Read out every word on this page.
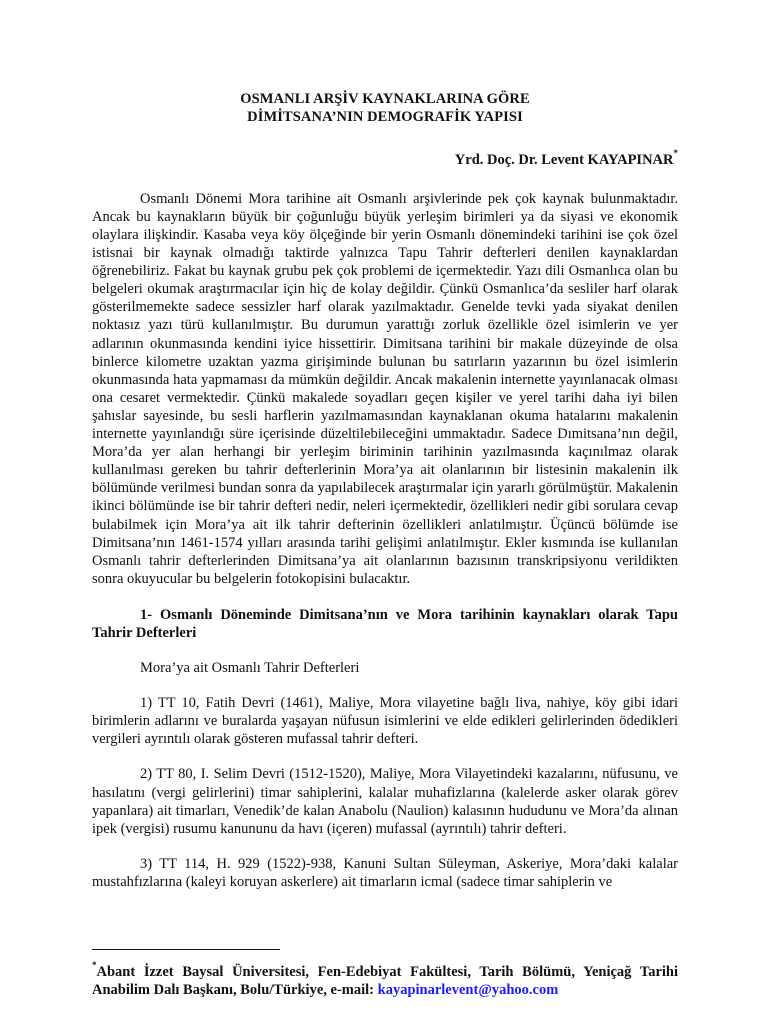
OSMANLI ARŞİV KAYNAKLARINA GÖRE

DİMİTSANA’NIN DEMOGRAFİK YAPISI

Yrd. Doç. Dr. Levent KAYAPINAR*

Osmanlı Dönemi Mora tarihine ait Osmanlı arşivlerinde pek çok kaynak bulunmaktadır. Ancak bu kaynakların büyük bir çoğunluğu büyük yerleşim birimleri ya da siyasi ve ekonomik olaylara ilişkindir. Kasaba veya köy ölçeğinde bir yerin Osmanlı dönemindeki tarihini ise çok özel istisnai bir kaynak olmadığı taktirde yalnızca Tapu Tahrir defterleri denilen kaynaklardan öğrenebiliriz. Fakat bu kaynak grubu pek çok problemi de içermektedir. Yazı dili Osmanlıca olan bu belgeleri okumak araştırmacılar için hiç de kolay değildir. Çünkü Osmanlıca’da sesliler harf olarak gösterilmemekte sadece sessizler harf olarak yazılmaktadır. Genelde tevki yada siyakat denilen noktasız yazı türü kullanılmıştır. Bu durumun yarattığı zorluk özellikle özel isimlerin ve yer adlarının okunmasında kendini iyice hissettirir. Dimitsana tarihini bir makale düzeyinde de olsa binlerce kilometre uzaktan yazma girişiminde bulunan bu satırların yazarının bu özel isimlerin okunmasında hata yapmaması da mümkün değildir. Ancak makalenin internette yayınlanacak olması ona cesaret vermektedir. Çünkü makalede soyadları geçen kişiler ve yerel tarihi daha iyi bilen şahıslar sayesinde, bu sesli harflerin yazılmamasından kaynaklanan okuma hatalarını makalenin internette yayınlandığı süre içerisinde düzeltilebileceğini ummaktadır. Sadece Dımitsana’nın değil, Mora’da yer alan herhangi bir yerleşim biriminin tarihinin yazılmasında kaçınılmaz olarak kullanılması gereken bu tahrir defterlerinin Mora’ya ait olanlarının bir listesinin makalenin ilk bölümünde verilmesi bundan sonra da yapılabilecek araştırmalar için yararlı görülmüştür. Makalenin ikinci bölümünde ise bir tahrir defteri nedir, neleri içermektedir, özellikleri nedir gibi sorulara cevap bulabilmek için Mora’ya ait ilk tahrir defterinin özellikleri anlatılmıştır. Üçüncü bölümde ise Dimitsana’nın 1461-1574 yılları arasında tarihi gelişimi anlatılmıştır. Ekler kısmında ise kullanılan Osmanlı tahrir defterlerinden Dimitsana’ya ait olanlarının bazısının transkripsiyonu verildikten sonra okuyucular bu belgelerin fotokopisini bulacaktır.

1- Osmanlı Döneminde Dimitsana’nın ve Mora tarihinin kaynakları olarak Tapu Tahrir Defterleri

Mora’ya ait Osmanlı Tahrir Defterleri

1) TT 10, Fatih Devri (1461), Maliye, Mora vilayetine bağlı liva, nahiye, köy gibi idari birimlerin adlarını ve buralarda yaşayan nüfusun isimlerini ve elde edikleri gelirlerinden ödedikleri vergileri ayrıntılı olarak gösteren mufassal tahrir defteri.

2) TT 80, I. Selim Devri (1512-1520), Maliye, Mora Vilayetindeki kazalarını, nüfusunu, ve hasılatını (vergi gelirlerini) timar sahiplerini, kalalar muhafizlarına (kalelerde asker olarak görev yapanlara) ait timarları, Venedik’de kalan Anabolu (Naulion) kalasının hududunu ve Mora’da alınan ipek (vergisi) rusumu kanununu da havı (içeren) mufassal (ayrıntılı) tahrir defteri.

3) TT 114, H. 929 (1522)-938, Kanuni Sultan Süleyman, Askeriye, Mora’daki kalalar mustahfızlarına (kaleyi koruyan askerlere) ait timarların icmal (sadece timar sahiplerin ve

*Abant İzzet Baysal Üniversitesi, Fen-Edebiyat Fakültesi, Tarih Bölümü, Yeniçağ Tarihi Anabilim Dalı Başkanı, Bolu/Türkiye, e-mail: kayapinarlevent@yahoo.com
